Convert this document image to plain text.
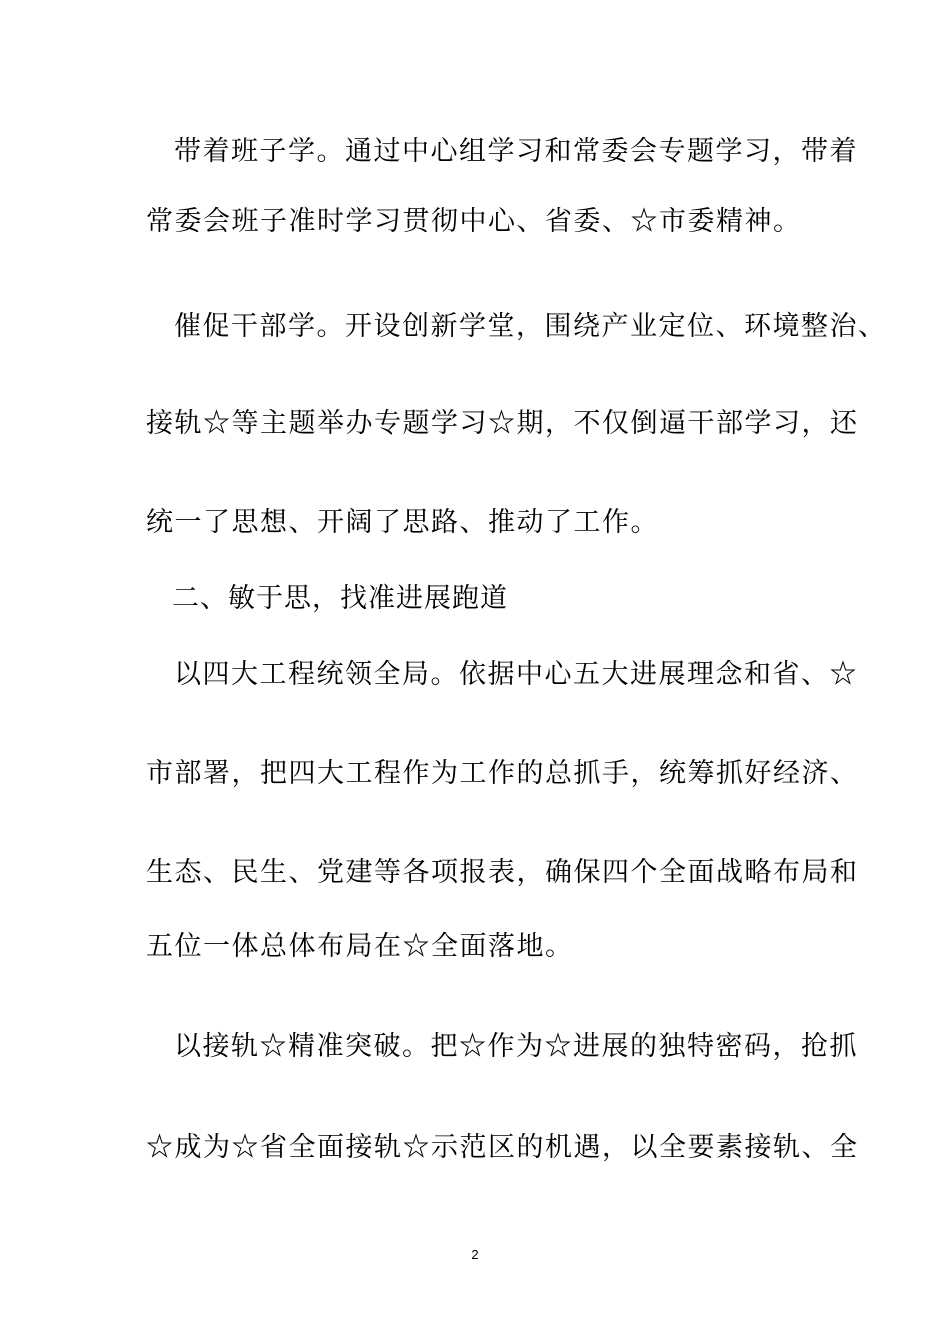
带着班子学。通过中心组学习和常委会专题学习，带着
常委会班子准时学习贯彻中心、省委、☆市委精神。
催促干部学。开设创新学堂，围绕产业定位、环境整治、
接轨☆等主题举办专题学习☆期，不仅倒逼干部学习，还
统一了思想、开阔了思路、推动了工作。
二、敏于思，找准进展跑道
以四大工程统领全局。依据中心五大进展理念和省、☆
市部署，把四大工程作为工作的总抓手，统筹抓好经济、
生态、民生、党建等各项报表，确保四个全面战略布局和
五位一体总体布局在☆全面落地。
以接轨☆精准突破。把☆作为☆进展的独特密码，抢抓
☆成为☆省全面接轨☆示范区的机遇，以全要素接轨、全
2
